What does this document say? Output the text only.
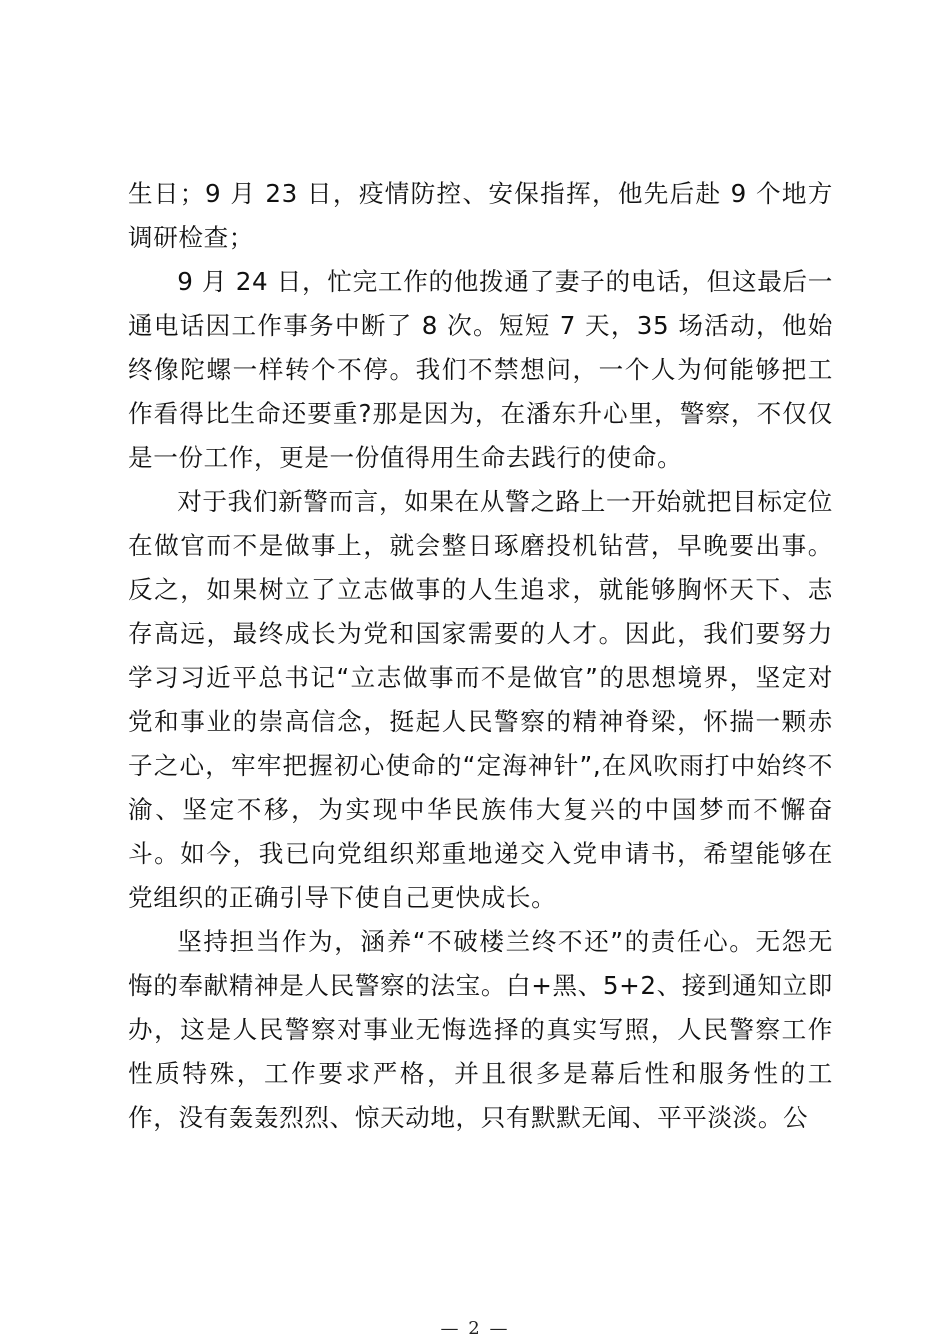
生日；9 月 23 日，疫情防控、安保指挥，他先后赴 9 个地方调研检查；

9 月 24 日，忙完工作的他拨通了妻子的电话，但这最后一通电话因工作事务中断了 8 次。短短 7 天，35 场活动，他始终像陀螺一样转个不停。我们不禁想问，一个人为何能够把工作看得比生命还要重?那是因为，在潘东升心里，警察，不仅仅是一份工作，更是一份值得用生命去践行的使命。

对于我们新警而言，如果在从警之路上一开始就把目标定位在做官而不是做事上，就会整日琢磨投机钻营，早晚要出事。反之，如果树立了立志做事的人生追求，就能够胸怀天下、志存高远，最终成长为党和国家需要的人才。因此，我们要努力学习习近平总书记“立志做事而不是做官”的思想境界，坚定对党和事业的崇高信念，挺起人民警察的精神脊梁，怀揣一颗赤子之心，牢牢把握初心使命的“定海神针”,在风吹雨打中始终不渝、坚定不移，为实现中华民族伟大复兴的中国梦而不懈奋斗。如今，我已向党组织郑重地递交入党申请书，希望能够在党组织的正确引导下使自己更快成长。

坚持担当作为，涵养“不破楼兰终不还”的责任心。无怨无悔的奉献精神是人民警察的法宝。白+黑、5+2、接到通知立即办，这是人民警察对事业无悔选择的真实写照，人民警察工作性质特殊，工作要求严格，并且很多是幕后性和服务性的工作，没有轰轰烈烈、惊天动地，只有默默无闻、平平淡淡。公

— 2 —
